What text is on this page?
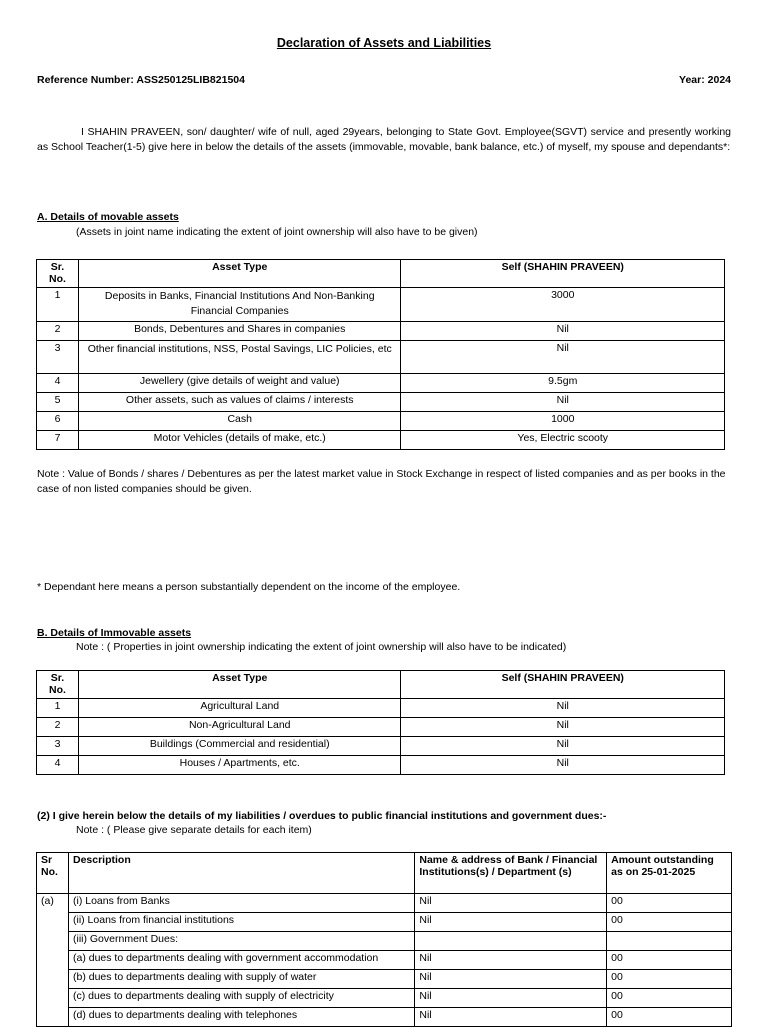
Declaration of Assets and Liabilities
Reference Number: ASS250125LIB821504	Year: 2024
I SHAHIN PRAVEEN, son/ daughter/ wife of null, aged 29years, belonging to State Govt. Employee(SGVT) service and presently working as School Teacher(1-5) give here in below the details of the assets (immovable, movable, bank balance, etc.) of myself, my spouse and dependants*:
A. Details of movable assets
(Assets in joint name indicating the extent of joint ownership will also have to be given)
Sr. No.	Asset Type	Self (SHAHIN PRAVEEN)
1	Deposits in Banks, Financial Institutions And Non-Banking Financial Companies	3000
2	Bonds, Debentures and Shares in companies	Nil
3	Other financial institutions, NSS, Postal Savings, LIC Policies, etc	Nil
4	Jewellery (give details of weight and value)	9.5gm
5	Other assets, such as values of claims / interests	Nil
6	Cash	1000
7	Motor Vehicles (details of make, etc.)	Yes, Electric scooty
Note : Value of Bonds / shares / Debentures as per the latest market value in Stock Exchange in respect of listed companies and as per books in the case of non listed companies should be given.
* Dependant here means a person substantially dependent on the income of the employee.
B. Details of Immovable assets
Note : ( Properties in joint ownership indicating the extent of joint ownership will also have to be indicated)
Sr. No.	Asset Type	Self (SHAHIN PRAVEEN)
1	Agricultural Land	Nil
2	Non-Agricultural Land	Nil
3	Buildings (Commercial and residential)	Nil
4	Houses / Apartments, etc.	Nil
(2) I give herein below the details of my liabilities / overdues to public financial institutions and government dues:-
Note : ( Please give separate details for each item)
Sr No.	Description	Name & address of Bank / Financial Institutions(s) / Department (s)	Amount outstanding as on 25-01-2025
(a)	(i) Loans from Banks	Nil	00
	(ii) Loans from financial institutions	Nil	00
	(iii) Government Dues:		
	(a) dues to departments dealing with government accommodation	Nil	00
	(b) dues to departments dealing with supply of water	Nil	00
	(c) dues to departments dealing with supply of electricity	Nil	00
	(d) dues to departments dealing with telephones	Nil	00
